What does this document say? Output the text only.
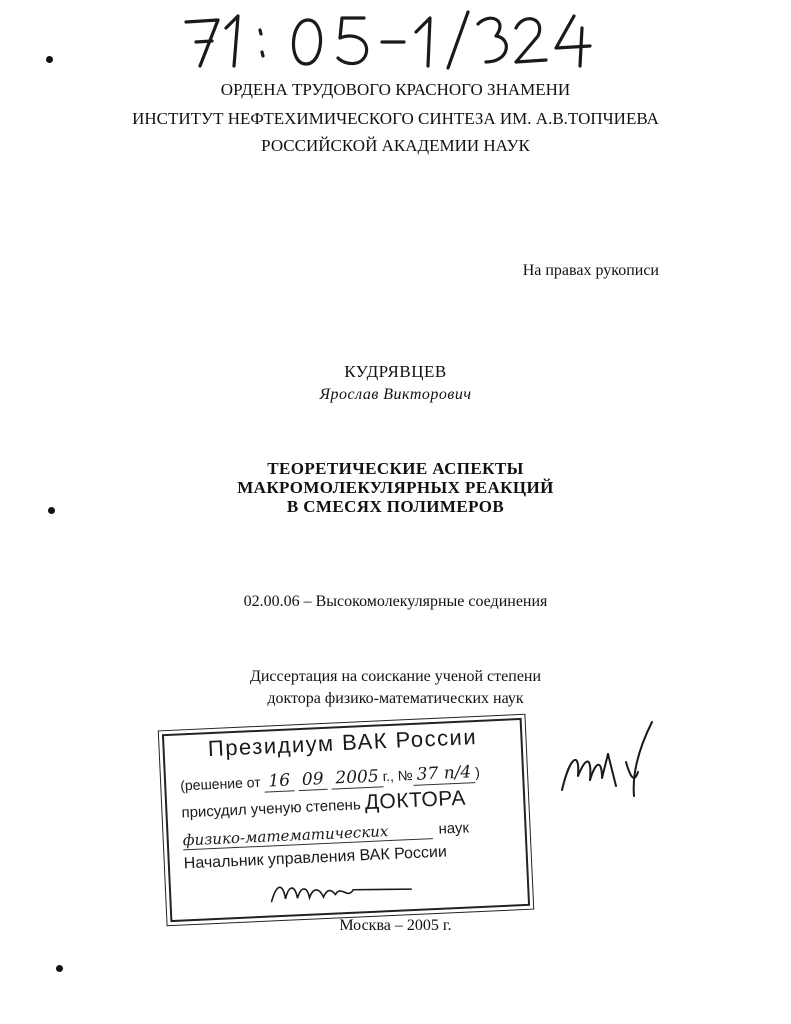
ОРДЕНА ТРУДОВОГО КРАСНОГО ЗНАМЕНИ
ИНСТИТУТ НЕФТЕХИМИЧЕСКОГО СИНТЕЗА ИМ. А.В.ТОПЧИЕВА
РОССИЙСКОЙ АКАДЕМИИ НАУК
На правах рукописи
КУДРЯВЦЕВ
Ярослав Викторович
ТЕОРЕТИЧЕСКИЕ АСПЕКТЫ
МАКРОМОЛЕКУЛЯРНЫХ РЕАКЦИЙ
В СМЕСЯХ ПОЛИМЕРОВ
02.00.06 – Высокомолекулярные соединения
Диссертация на соискание ученой степени
доктора физико-математических наук
Президиум ВАК России
(решение от 16 09 2005 г., № 37 п/4 )
присудил ученую степень ДОКТОРА
физико-математических	наук
Начальник управления ВАК России
Москва – 2005 г.
